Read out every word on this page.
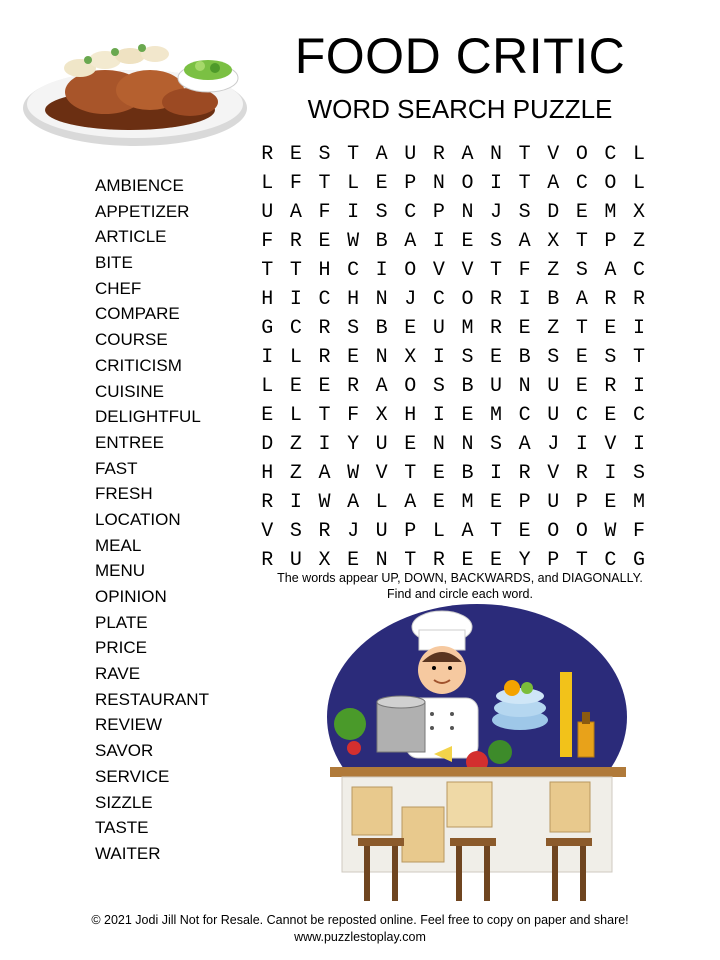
FOOD CRITIC
WORD SEARCH PUZZLE
AMBIENCE
APPETIZER
ARTICLE
BITE
CHEF
COMPARE
COURSE
CRITICISM
CUISINE
DELIGHTFUL
ENTREE
FAST
FRESH
LOCATION
MEAL
MENU
OPINION
PLATE
PRICE
RAVE
RESTAURANT
REVIEW
SAVOR
SERVICE
SIZZLE
TASTE
WAITER
R E S T A U R A N T V O C L
L F T L E P N O I T A C O L
U A F I S C P N J S D E M X
F R E W B A I E S A X T P Z
T T H C I O V V T F Z S A C
H I C H N J C O R I B A R R
G C R S B E U M R E Z T E I
I L R E N X I S E B S E S T
L E E R A O S B U N U E R I
E L T F X H I E M C U C E C
D Z I Y U E N N S A J I V I
H Z A W V T E B I R V R I S
R I W A L A E M E P U P E M
V S R J U P L A T E O O W F
R U X E N T R E E Y P T C G
The words appear UP, DOWN, BACKWARDS, and DIAGONALLY.
Find and circle each word.
© 2021 Jodi Jill Not for Resale. Cannot be reposted online. Feel free to copy on paper and share!
www.puzzlestoplay.com
